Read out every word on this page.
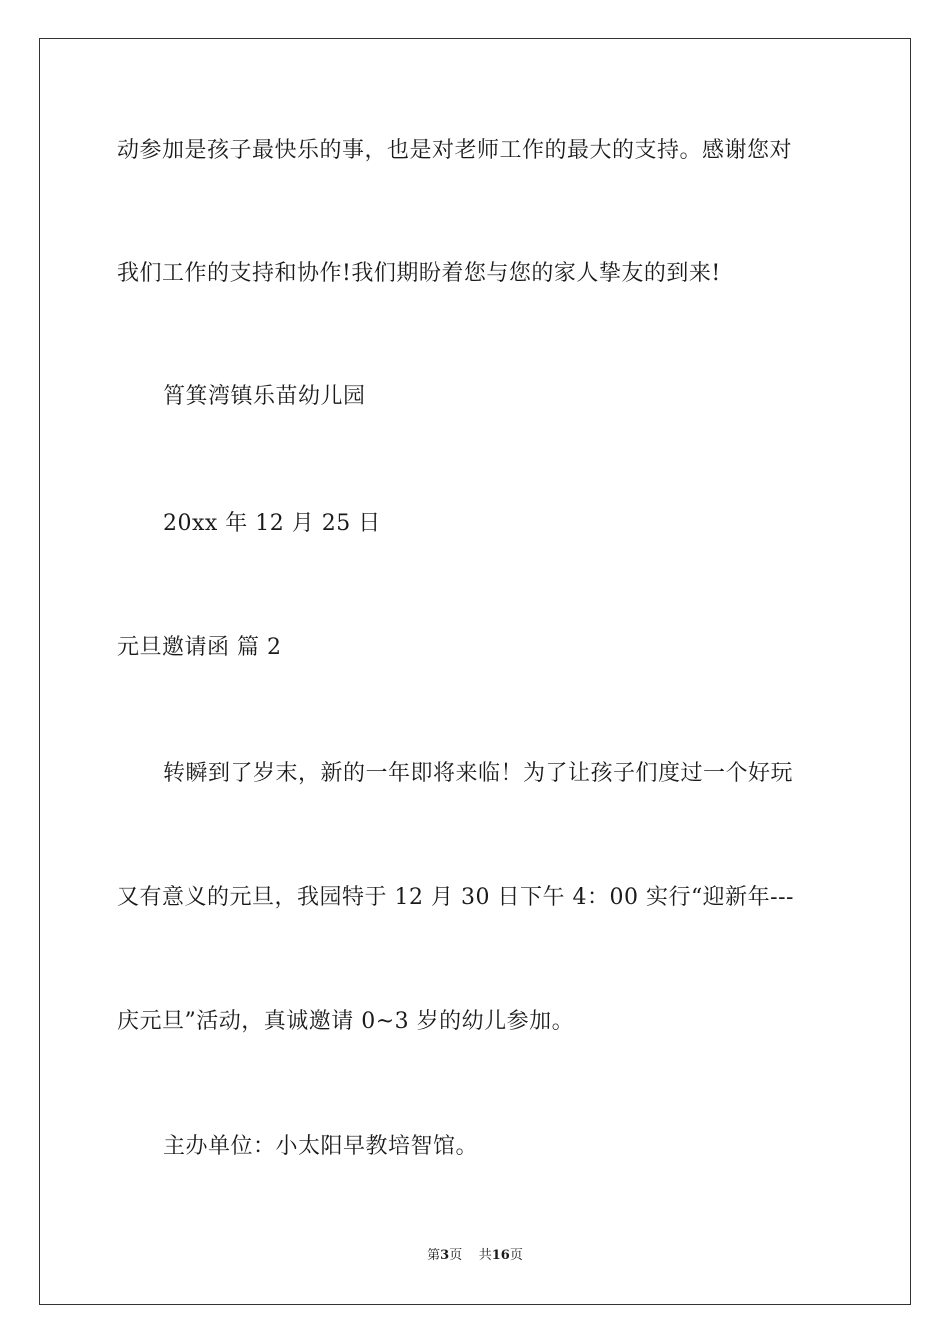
动参加是孩子最快乐的事，也是对老师工作的最大的支持。感谢您对
我们工作的支持和协作!我们期盼着您与您的家人挚友的到来!
筲箕湾镇乐苗幼儿园
20xx 年 12 月 25 日
元旦邀请函 篇 2
转瞬到了岁末，新的一年即将来临！为了让孩子们度过一个好玩
又有意义的元旦，我园特于 12 月 30 日下午 4：00 实行“迎新年---
庆元旦”活动，真诚邀请 0~3 岁的幼儿参加。
主办单位：小太阳早教培智馆。
第3页 共16页
